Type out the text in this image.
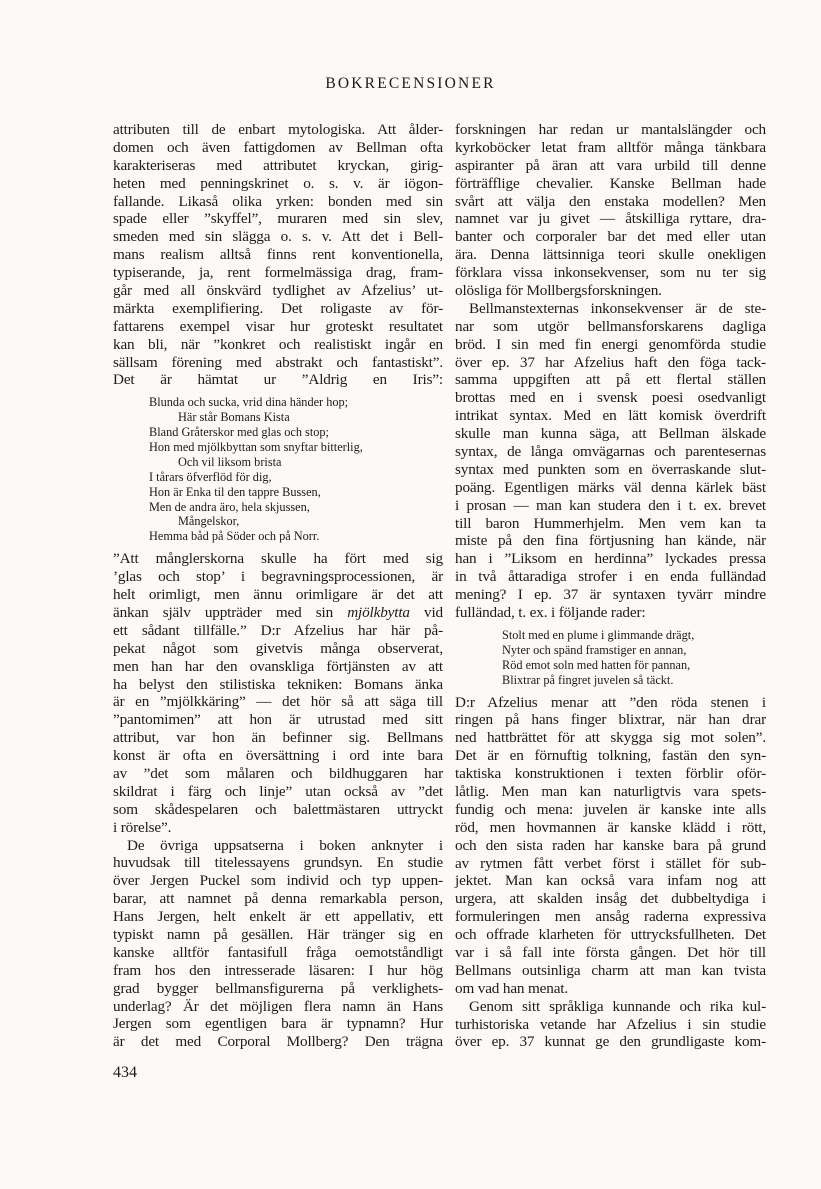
BOKRECENSIONER
attributen till de enbart mytologiska. Att ålder-
domen och även fattigdomen av Bellman ofta
karakteriseras med attributet kryckan, girig-
heten med penningskrinet o. s. v. är iögon-
fallande. Likaså olika yrken: bonden med sin
spade eller ”skyffel”, muraren med sin slev,
smeden med sin slägga o. s. v. Att det i Bell-
mans realism alltså finns rent konventionella,
typiserande, ja, rent formelmässiga drag, fram-
går med all önskvärd tydlighet av Afzelius’ ut-
märkta exemplifiering. Det roligaste av för-
fattarens exempel visar hur groteskt resultatet
kan bli, när ”konkret och realistiskt ingår en
sällsam förening med abstrakt och fantastiskt”.
Det är hämtat ur ”Aldrig en Iris”:
Blunda och sucka, vrid dina händer hop;
Här står Bomans Kista
Bland Gråterskor med glas och stop;
Hon med mjölkbyttan som snyftar bitterlig,
Och vil liksom brista
I tårars öfverflöd för dig,
Hon är Enka til den tappre Bussen,
Men de andra äro, hela skjussen,
Mångelskor,
Hemma båd på Söder och på Norr.
”Att månglerskorna skulle ha fört med sig
’glas och stop’ i begravningsprocessionen, är
helt orimligt, men ännu orimligare är det att
änkan själv uppträder med sin mjölkbytta vid
ett sådant tillfälle.” D:r Afzelius har här på-
pekat något som givetvis många observerat,
men han har den ovanskliga förtjänsten av att
ha belyst den stilistiska tekniken: Bomans änka
är en ”mjölkkäring” — det hör så att säga till
”pantomimen” att hon är utrustad med sitt
attribut, var hon än befinner sig. Bellmans
konst är ofta en översättning i ord inte bara
av ”det som målaren och bildhuggaren har
skildrat i färg och linje” utan också av ”det
som skådespelaren och balettmästaren uttryckt
i rörelse”.
De övriga uppsatserna i boken anknyter i
huvudsak till titelessayens grundsyn. En studie
över Jergen Puckel som individ och typ uppen-
barar, att namnet på denna remarkabla person,
Hans Jergen, helt enkelt är ett appellativ, ett
typiskt namn på gesällen. Här tränger sig en
kanske alltför fantasifull fråga oemotståndligt
fram hos den intresserade läsaren: I hur hög
grad bygger bellmansfigurerna på verklighets-
underlag? Är det möjligen flera namn än Hans
Jergen som egentligen bara är typnamn? Hur
är det med Corporal Mollberg? Den trägna
forskningen har redan ur mantalslängder och
kyrkoböcker letat fram alltför många tänkbara
aspiranter på äran att vara urbild till denne
förträfflige chevalier. Kanske Bellman hade
svårt att välja den enstaka modellen? Men
namnet var ju givet — åtskilliga ryttare, dra-
banter och corporaler bar det med eller utan
ära. Denna lättsinniga teori skulle onekligen
förklara vissa inkonsekvenser, som nu ter sig
olösliga för Mollbergsforskningen.
Bellmanstexternas inkonsekvenser är de ste-
nar som utgör bellmansforskarens dagliga
bröd. I sin med fin energi genomförda studie
över ep. 37 har Afzelius haft den föga tack-
samma uppgiften att på ett flertal ställen
brottas med en i svensk poesi osedvanligt
intrikat syntax. Med en lätt komisk överdrift
skulle man kunna säga, att Bellman älskade
syntax, de långa omvägarnas och parentesernas
syntax med punkten som en överraskande slut-
poäng. Egentligen märks väl denna kärlek bäst
i prosan — man kan studera den i t. ex. brevet
till baron Hummerhjelm. Men vem kan ta
miste på den fina förtjusning han kände, när
han i ”Liksom en herdinna” lyckades pressa
in två åttaradiga strofer i en enda fulländad
mening? I ep. 37 är syntaxen tyvärr mindre
fulländad, t. ex. i följande rader:
Stolt med en plume i glimmande drägt,
Nyter och spänd framstiger en annan,
Röd emot soln med hatten för pannan,
Blixtrar på fingret juvelen så täckt.
D:r Afzelius menar att ”den röda stenen i
ringen på hans finger blixtrar, när han drar
ned hattbrättet för att skygga sig mot solen”.
Det är en förnuftig tolkning, fastän den syn-
taktiska konstruktionen i texten förblir oför-
låtlig. Men man kan naturligtvis vara spets-
fundig och mena: juvelen är kanske inte alls
röd, men hovmannen är kanske klädd i rött,
och den sista raden har kanske bara på grund
av rytmen fått verbet först i stället för sub-
jektet. Man kan också vara infam nog att
urgera, att skalden insåg det dubbeltydiga i
formuleringen men ansåg raderna expressiva
och offrade klarheten för uttrycksfullheten. Det
var i så fall inte första gången. Det hör till
Bellmans outsinliga charm att man kan tvista
om vad han menat.
Genom sitt språkliga kunnande och rika kul-
turhistoriska vetande har Afzelius i sin studie
över ep. 37 kunnat ge den grundligaste kom-
434
